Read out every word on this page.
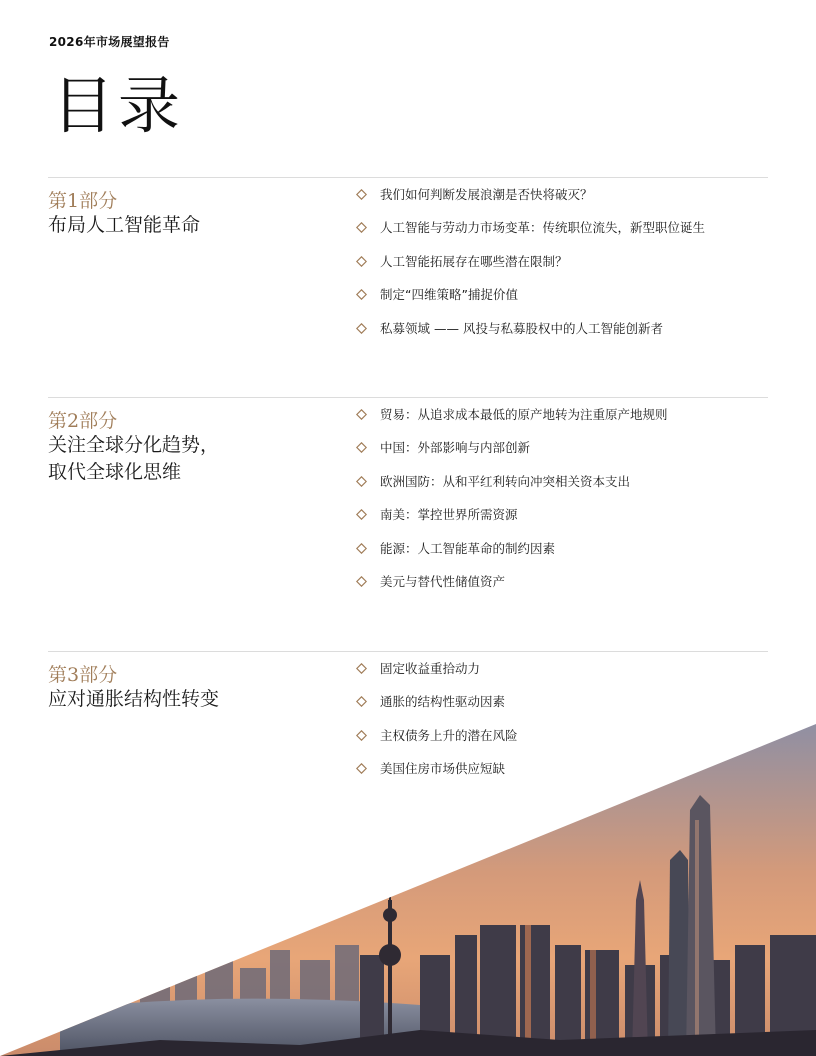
2026年市场展望报告
目录
第1部分
布局人工智能革命
我们如何判断发展浪潮是否快将破灭？
人工智能与劳动力市场变革：传统职位流失，新型职位诞生
人工智能拓展存在哪些潜在限制？
制定“四维策略”捕捉价值
私募领域 —— 风投与私募股权中的人工智能创新者
第2部分
关注全球分化趋势，
取代全球化思维
贸易：从追求成本最低的原产地转为注重原产地规则
中国：外部影响与内部创新
欧洲国防：从和平红利转向冲突相关资本支出
南美：掌控世界所需资源
能源：人工智能革命的制约因素
美元与替代性储值资产
第3部分
应对通胀结构性转变
固定收益重拾动力
通胀的结构性驱动因素
主权债务上升的潜在风险
美国住房市场供应短缺
